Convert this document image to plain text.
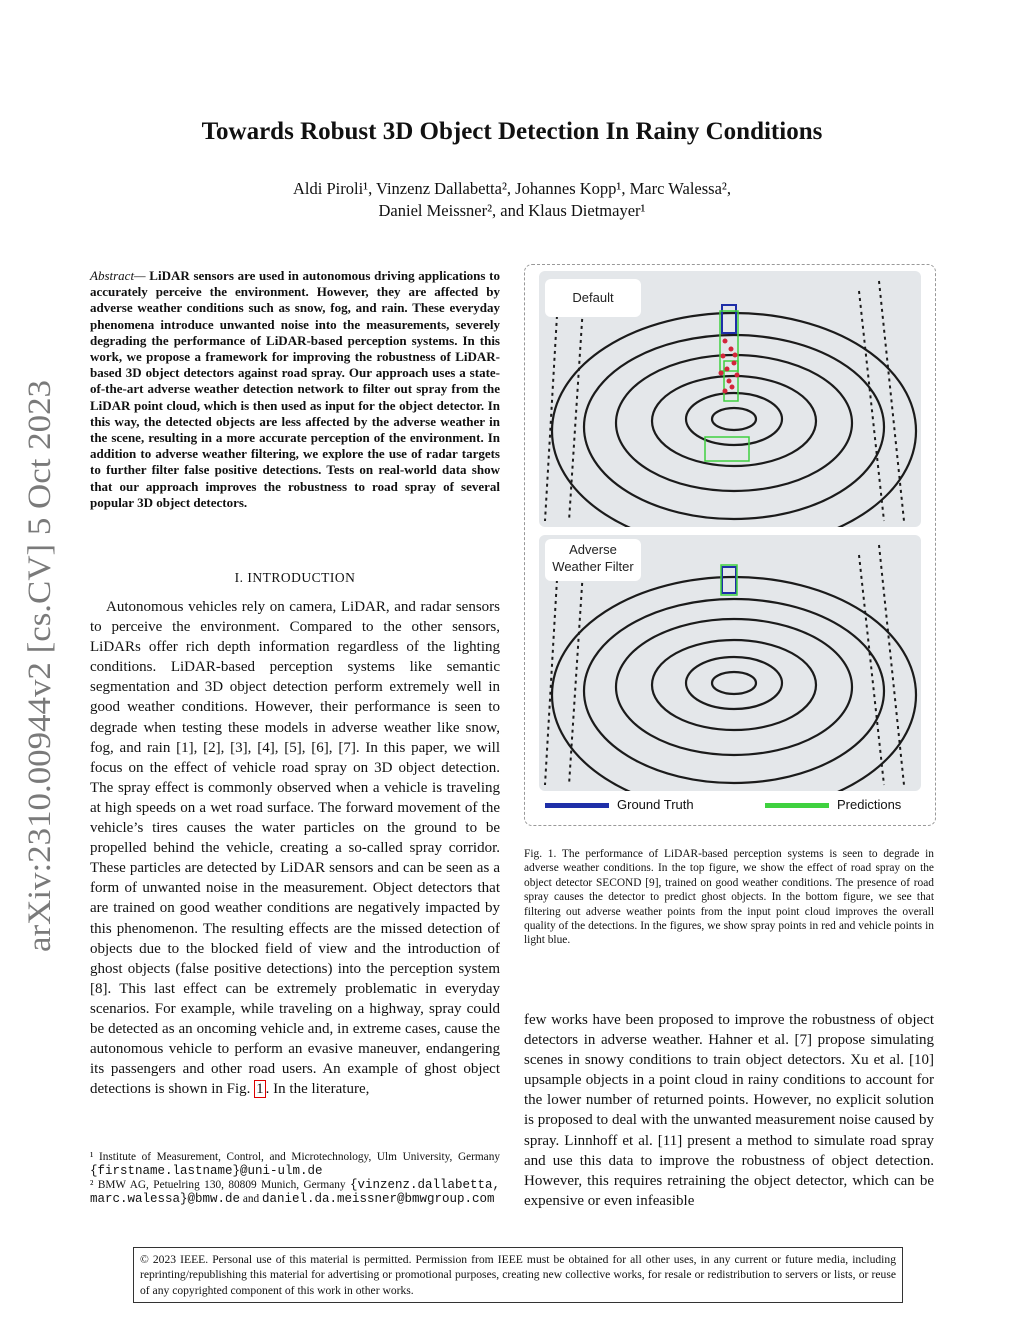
arXiv:2310.00944v2 [cs.CV] 5 Oct 2023
Towards Robust 3D Object Detection In Rainy Conditions
Aldi Piroli¹, Vinzenz Dallabetta², Johannes Kopp¹, Marc Walessa²,
Daniel Meissner², and Klaus Dietmayer¹
Abstract— LiDAR sensors are used in autonomous driving applications to accurately perceive the environment. However, they are affected by adverse weather conditions such as snow, fog, and rain. These everyday phenomena introduce unwanted noise into the measurements, severely degrading the performance of LiDAR-based perception systems. In this work, we propose a framework for improving the robustness of LiDAR-based 3D object detectors against road spray. Our approach uses a state-of-the-art adverse weather detection network to filter out spray from the LiDAR point cloud, which is then used as input for the object detector. In this way, the detected objects are less affected by the adverse weather in the scene, resulting in a more accurate perception of the environment. In addition to adverse weather filtering, we explore the use of radar targets to further filter false positive detections. Tests on real-world data show that our approach improves the robustness to road spray of several popular 3D object detectors.
I. INTRODUCTION
Autonomous vehicles rely on camera, LiDAR, and radar sensors to perceive the environment. Compared to the other sensors, LiDARs offer rich depth information regardless of the lighting conditions. LiDAR-based perception systems like semantic segmentation and 3D object detection perform extremely well in good weather conditions. However, their performance is seen to degrade when testing these models in adverse weather like snow, fog, and rain [1], [2], [3], [4], [5], [6], [7]. In this paper, we will focus on the effect of vehicle road spray on 3D object detection. The spray effect is commonly observed when a vehicle is traveling at high speeds on a wet road surface. The forward movement of the vehicle’s tires causes the water particles on the ground to be propelled behind the vehicle, creating a so-called spray corridor. These particles are detected by LiDAR sensors and can be seen as a form of unwanted noise in the measurement. Object detectors that are trained on good weather conditions are negatively impacted by this phenomenon. The resulting effects are the missed detection of objects due to the blocked field of view and the introduction of ghost objects (false positive detections) into the perception system [8]. This last effect can be extremely problematic in everyday scenarios. For example, while traveling on a highway, spray could be detected as an oncoming vehicle and, in extreme cases, cause the autonomous vehicle to perform an evasive maneuver, endangering its passengers and other road users. An example of ghost object detections is shown in Fig. 1 . In the literature,
¹ Institute of Measurement, Control, and Microtechnology, Ulm University, Germany {firstname.lastname}@uni-ulm.de
² BMW AG, Petuelring 130, 80809 Munich, Germany {vinzenz.dallabetta, marc.walessa}@bmw.de and daniel.da.meissner@bmwgroup.com
Default
Adverse
Weather Filter
Ground Truth	Predictions
Fig. 1. The performance of LiDAR-based perception systems is seen to degrade in adverse weather conditions. In the top figure, we show the effect of road spray on the object detector SECOND [9], trained on good weather conditions. The presence of road spray causes the detector to predict ghost objects. In the bottom figure, we see that filtering out adverse weather points from the input point cloud improves the overall quality of the detections. In the figures, we show spray points in red and vehicle points in light blue.
few works have been proposed to improve the robustness of object detectors in adverse weather. Hahner et al. [7] propose simulating scenes in snowy conditions to train object detectors. Xu et al. [10] upsample objects in a point cloud in rainy conditions to account for the lower number of returned points. However, no explicit solution is proposed to deal with the unwanted measurement noise caused by spray. Linnhoff et al. [11] present a method to simulate road spray and use this data to improve the robustness of object detection. However, this requires retraining the object detector, which can be expensive or even infeasible
© 2023 IEEE. Personal use of this material is permitted. Permission from IEEE must be obtained for all other uses, in any current or future media, including reprinting/republishing this material for advertising or promotional purposes, creating new collective works, for resale or redistribution to servers or lists, or reuse of any copyrighted component of this work in other works.
